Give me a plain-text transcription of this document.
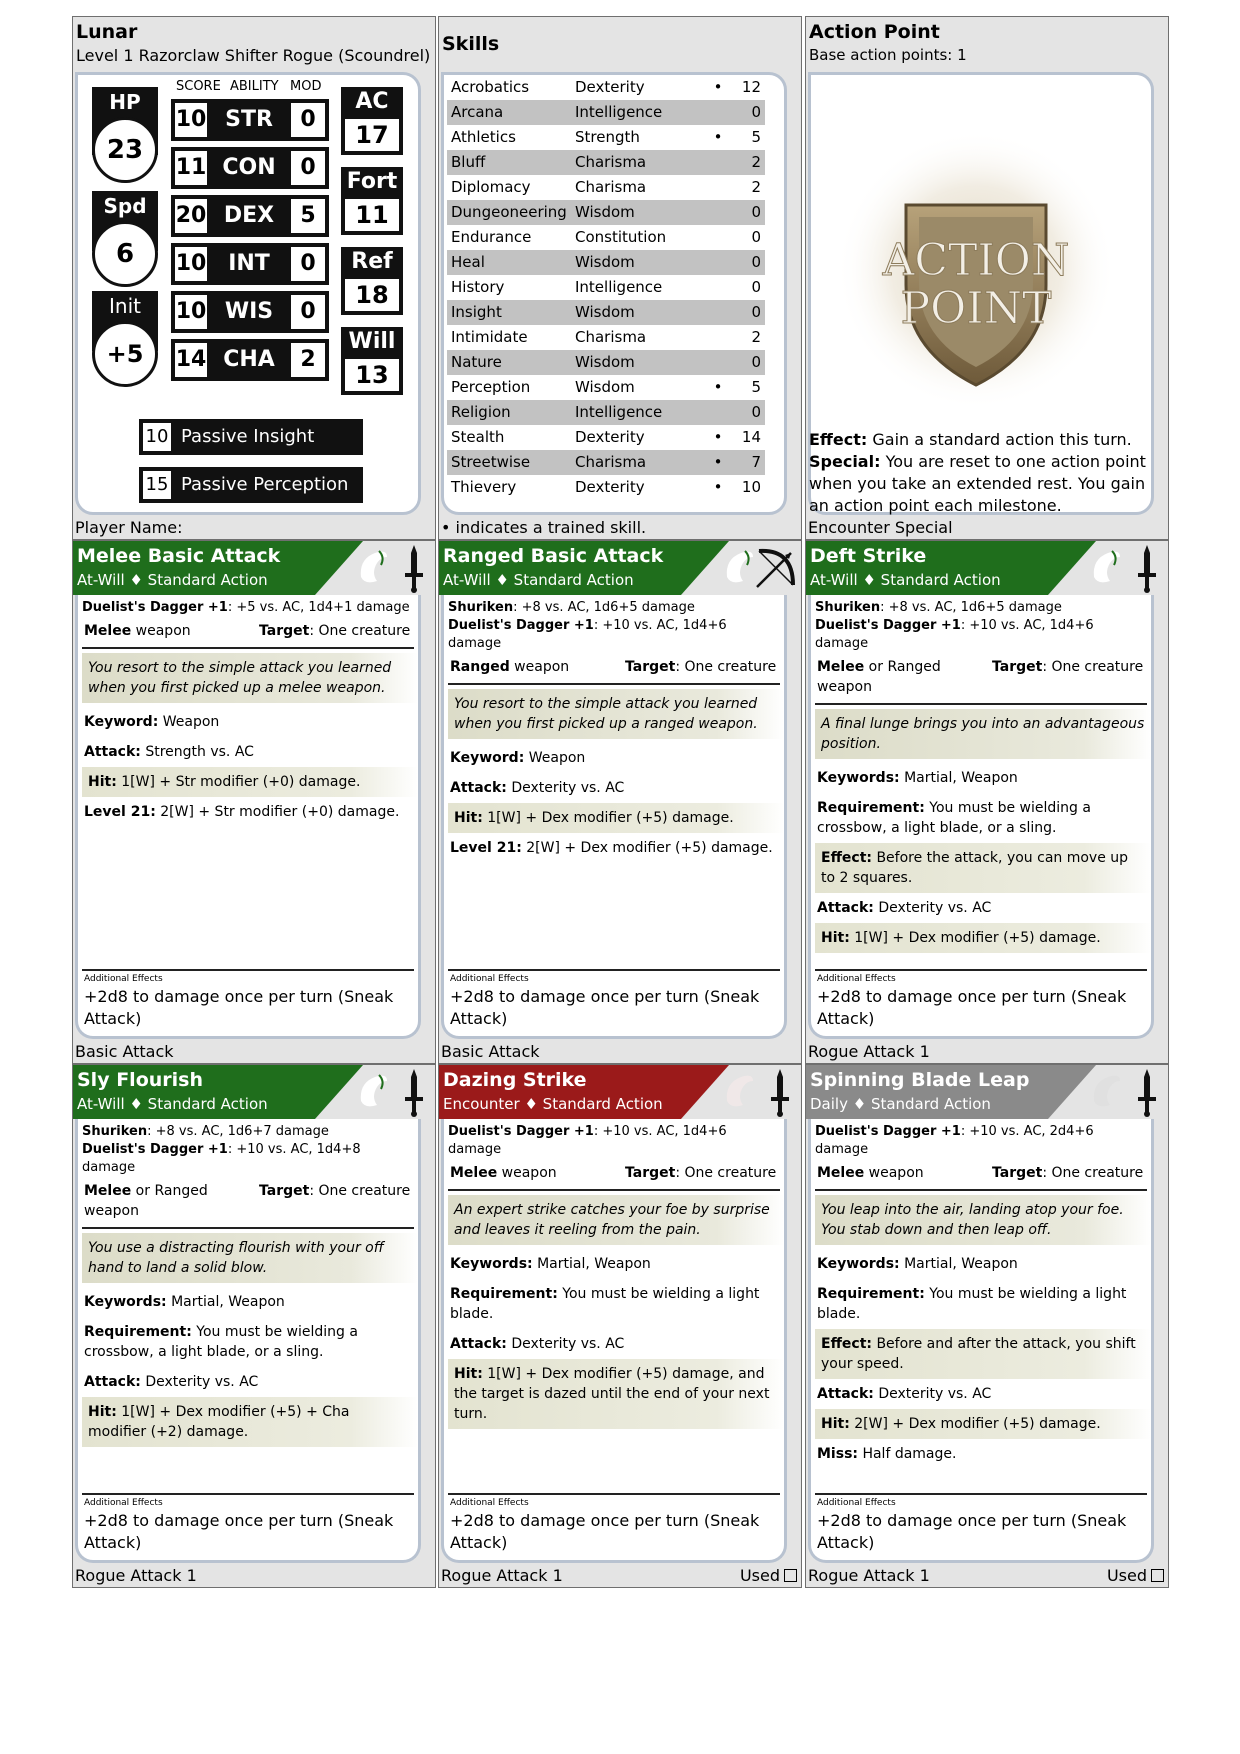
Lunar
Level 1 Razorclaw Shifter Rogue (Scoundrel)
SCORE ABILITY MOD
HP
23
Spd
6
Init
+5
10 STR	0
11 CON	0
20 DEX	5
10 INT	0
10 WIS	0
14 CHA	2
AC
17
Fort
11
Ref
18
Will
13
10 Passive Insight
15 Passive Perception
Player Name:
Skills
Acrobatics	Dexterity	•	12
Arcana	Intelligence	0
Athletics	Strength	•	5
Bluff	Charisma	2
Diplomacy	Charisma	2
Dungeoneering Wisdom	0
Endurance	Constitution	0
Heal	Wisdom	0
History	Intelligence	0
Insight	Wisdom	0
Intimidate	Charisma	2
Nature	Wisdom	0
Perception	Wisdom	•	5
Religion	Intelligence	0
Stealth	Dexterity	•	14
Streetwise	Charisma	•	7
Thievery	Dexterity	•	10
• indicates a trained skill.
Action Point
Base action points: 1
ACTION
POINT
Effect: Gain a standard action this turn.
Special: You are reset to one action point when you take an extended rest. You gain an action point each milestone.
Encounter Special
Melee Basic Attack
At-Will ♦ Standard Action
Duelist's Dagger +1: +5 vs. AC, 1d4+1 damage
Melee weapon	Target: One creature
You resort to the simple attack you learned when you first picked up a melee weapon.
Keyword: Weapon
Attack: Strength vs. AC
Hit: 1[W] + Str modifier (+0) damage.
Level 21: 2[W] + Str modifier (+0) damage.
Additional Effects
+2d8 to damage once per turn (Sneak Attack)
Basic Attack
Ranged Basic Attack
At-Will ♦ Standard Action
Shuriken: +8 vs. AC, 1d6+5 damage
Duelist's Dagger +1: +10 vs. AC, 1d4+6 damage
Ranged weapon	Target: One creature
You resort to the simple attack you learned when you first picked up a ranged weapon.
Keyword: Weapon
Attack: Dexterity vs. AC
Hit: 1[W] + Dex modifier (+5) damage.
Level 21: 2[W] + Dex modifier (+5) damage.
Additional Effects
+2d8 to damage once per turn (Sneak Attack)
Basic Attack
Deft Strike
At-Will ♦ Standard Action
Shuriken: +8 vs. AC, 1d6+5 damage
Duelist's Dagger +1: +10 vs. AC, 1d4+6 damage
Melee or Ranged weapon
Target: One creature
A final lunge brings you into an advantageous position.
Keywords: Martial, Weapon
Requirement: You must be wielding a crossbow, a light blade, or a sling.
Effect: Before the attack, you can move up to 2 squares.
Attack: Dexterity vs. AC
Hit: 1[W] + Dex modifier (+5) damage.
Additional Effects
+2d8 to damage once per turn (Sneak Attack)
Rogue Attack 1
Sly Flourish
At-Will ♦ Standard Action
Shuriken: +8 vs. AC, 1d6+7 damage
Duelist's Dagger +1: +10 vs. AC, 1d4+8 damage
Melee or Ranged weapon
Target: One creature
You use a distracting flourish with your off hand to land a solid blow.
Keywords: Martial, Weapon
Requirement: You must be wielding a crossbow, a light blade, or a sling.
Attack: Dexterity vs. AC
Hit: 1[W] + Dex modifier (+5) + Cha modifier (+2) damage.
Additional Effects
+2d8 to damage once per turn (Sneak Attack)
Rogue Attack 1
Dazing Strike
Encounter ♦ Standard Action
Duelist's Dagger +1: +10 vs. AC, 1d4+6 damage
Melee weapon	Target: One creature
An expert strike catches your foe by surprise and leaves it reeling from the pain.
Keywords: Martial, Weapon
Requirement: You must be wielding a light blade.
Attack: Dexterity vs. AC
Hit: 1[W] + Dex modifier (+5) damage, and the target is dazed until the end of your next turn.
Additional Effects
+2d8 to damage once per turn (Sneak Attack)
Rogue Attack 1	Used
Spinning Blade Leap
Daily ♦ Standard Action
Duelist's Dagger +1: +10 vs. AC, 2d4+6 damage
Melee weapon	Target: One creature
You leap into the air, landing atop your foe. You stab down and then leap off.
Keywords: Martial, Weapon
Requirement: You must be wielding a light blade.
Effect: Before and after the attack, you shift your speed.
Attack: Dexterity vs. AC
Hit: 2[W] + Dex modifier (+5) damage.
Miss: Half damage.
Additional Effects
+2d8 to damage once per turn (Sneak Attack)
Rogue Attack 1	Used
